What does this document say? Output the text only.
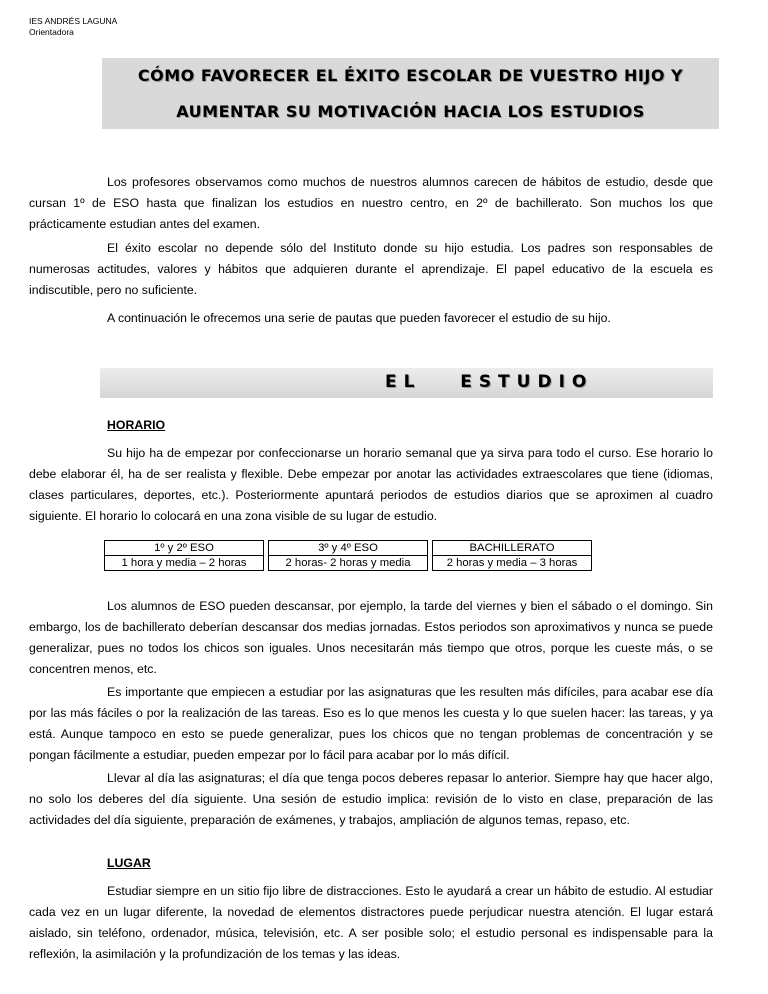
IES ANDRÉS LAGUNA
Orientadora
CÓMO FAVORECER EL ÉXITO ESCOLAR DE VUESTRO HIJO Y
AUMENTAR SU MOTIVACIÓN HACIA LOS ESTUDIOS
Los profesores observamos como muchos de nuestros alumnos carecen de hábitos de estudio, desde que cursan 1º de ESO hasta que finalizan los estudios en nuestro centro, en 2º de bachillerato. Son muchos los que prácticamente estudian antes del examen.
El éxito escolar no depende sólo del Instituto donde su hijo estudia. Los padres son responsables de numerosas actitudes, valores y hábitos que adquieren durante el aprendizaje. El papel educativo de la escuela es indiscutible, pero no suficiente.
A continuación le ofrecemos una serie de pautas que pueden favorecer el estudio de su hijo.
EL   ESTUDIO
HORARIO
Su hijo ha de empezar por confeccionarse un horario semanal que ya sirva para todo el curso. Ese horario lo debe elaborar él, ha de ser realista y flexible. Debe empezar por anotar las actividades extraescolares que tiene (idiomas, clases particulares, deportes, etc.). Posteriormente apuntará periodos de estudios diarios que se aproximen al cuadro siguiente. El horario lo colocará en una zona visible de su lugar de estudio.
1º y 2º ESO		3º y 4º ESO		BACHILLERATO
1 hora y media – 2 horas		2 horas- 2 horas y media		2 horas y media – 3 horas
Los alumnos de ESO pueden descansar, por ejemplo, la tarde del viernes y bien el sábado o el domingo. Sin embargo, los de bachillerato deberían descansar dos medias jornadas. Estos periodos son aproximativos y nunca se puede generalizar, pues no todos los chicos son iguales. Unos necesitarán más tiempo que otros, porque les cueste más, o se concentren menos, etc.
Es importante que empiecen a estudiar por las asignaturas que les resulten más difíciles, para acabar ese día por las más fáciles o por la realización de las tareas. Eso es lo que menos les cuesta y lo que suelen hacer: las tareas, y ya está. Aunque tampoco en esto se puede generalizar, pues los chicos que no tengan problemas de concentración y se pongan fácilmente a estudiar, pueden empezar por lo fácil para acabar por lo más difícil.
Llevar al día las asignaturas; el día que tenga pocos deberes repasar lo anterior. Siempre hay que hacer algo, no solo los deberes del día siguiente. Una sesión de estudio implica: revisión de lo visto en clase, preparación de las actividades del día siguiente, preparación de exámenes, y trabajos, ampliación de algunos temas, repaso, etc.
LUGAR
Estudiar siempre en un sitio fijo libre de distracciones. Esto le ayudará a crear un hábito de estudio. Al estudiar cada vez en un lugar diferente, la novedad de elementos distractores puede perjudicar nuestra atención. El lugar estará aislado, sin teléfono, ordenador, música, televisión, etc. A ser posible solo; el estudio personal es indispensable para la reflexión, la asimilación y la profundización de los temas y las ideas.
